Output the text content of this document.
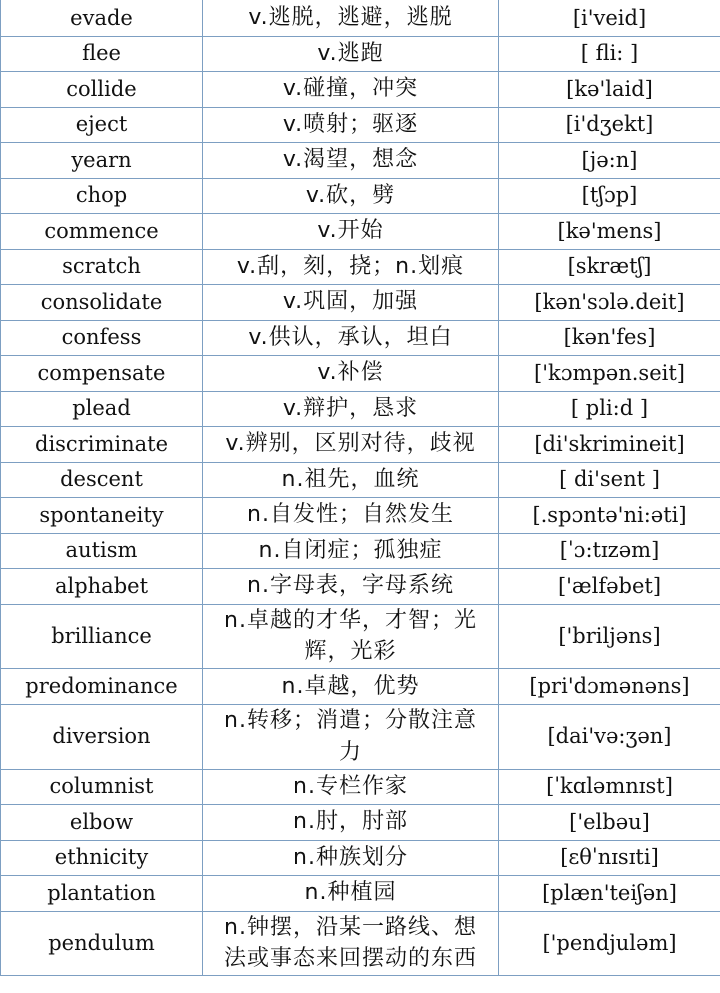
evade	v.逃脱，逃避，逃脱	[i'veid]
flee	v.逃跑	[ fli: ]
collide	v.碰撞，冲突	[kə'laid]
eject	v.喷射；驱逐	[i'dʒekt]
yearn	v.渴望，想念	[jə:n]
chop	v.砍，劈	[tʃɔp]
commence	v.开始	[kə'mens]
scratch	v.刮，刻，挠；n.划痕	[skrætʃ]
consolidate	v.巩固，加强	[kən'sɔlə.deit]
confess	v.供认，承认，坦白	[kən'fes]
compensate	v.补偿	['kɔmpən.seit]
plead	v.辩护，恳求	[ pli:d ]
discriminate	v.辨别，区别对待，歧视	[di'skrimineit]
descent	n.祖先，血统	[ di'sent ]
spontaneity	n.自发性；自然发生	[.spɔntə'ni:əti]
autism	n.自闭症；孤独症	[ˈɔ:tɪzəm]
alphabet	n.字母表，字母系统	['ælfəbet]
brilliance	n.卓越的才华，才智；光辉，光彩	['briljəns]
predominance	n.卓越，优势	[pri'dɔmənəns]
diversion	n.转移；消遣；分散注意力	[dai'və:ʒən]
columnist	n.专栏作家	[ˈkɑləmnɪst]
elbow	n.肘，肘部	['elbəu]
ethnicity	n.种族划分	[εθˈnɪsɪti]
plantation	n.种植园	[plæn'teiʃən]
pendulum	n.钟摆，沿某一路线、想法或事态来回摆动的东西	['pendjuləm]
